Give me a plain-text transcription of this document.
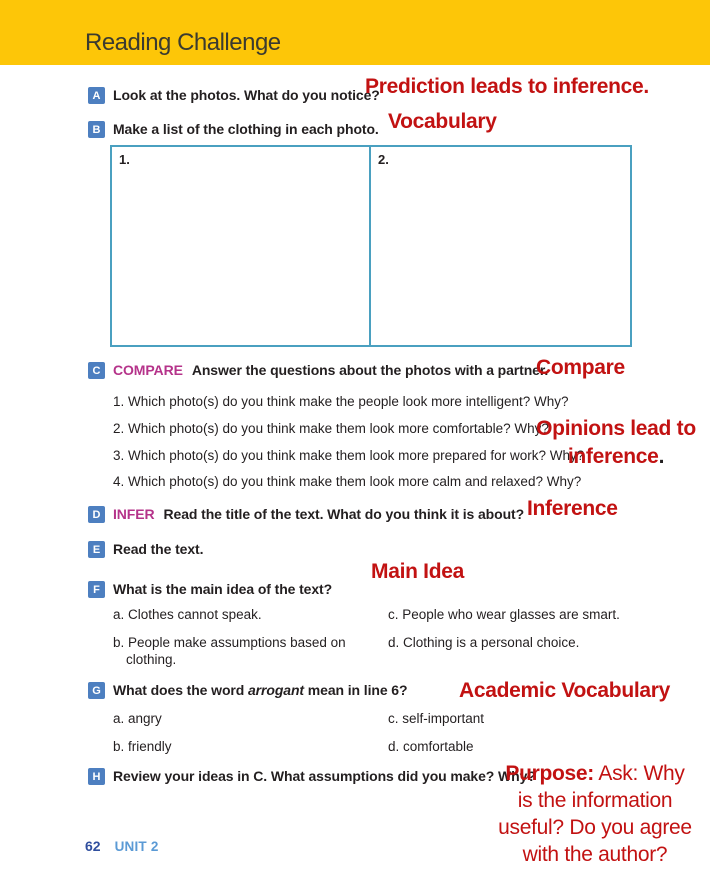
Reading Challenge
A Look at the photos. What do you notice?
Prediction leads to inference.
B Make a list of the clothing in each photo. Vocabulary
1.	2.
C COMPARE Answer the questions about the photos with a partner.
Compare
1. Which photo(s) do you think make the people look more intelligent? Why?
2. Which photo(s) do you think make them look more comfortable? Why?
3. Which photo(s) do you think make them look more prepared for work? Why?
4. Which photo(s) do you think make them look more calm and relaxed? Why?
Opinions lead to
inference.
D INFER Read the title of the text. What do you think it is about? Inference
E Read the text.
F What is the main idea of the text?
Main Idea
a. Clothes cannot speak.	c. People who wear glasses are smart.
b. People make assumptions based on clothing.
d. Clothing is a personal choice.
G What does the word arrogant mean in line 6? Academic Vocabulary
a. angry	c. self-important
b. friendly	d. comfortable
H Review your ideas in C. What assumptions did you make? Why?
Purpose: Ask: Why
is the information
useful? Do you agree
with the author?
62 UNIT 2
